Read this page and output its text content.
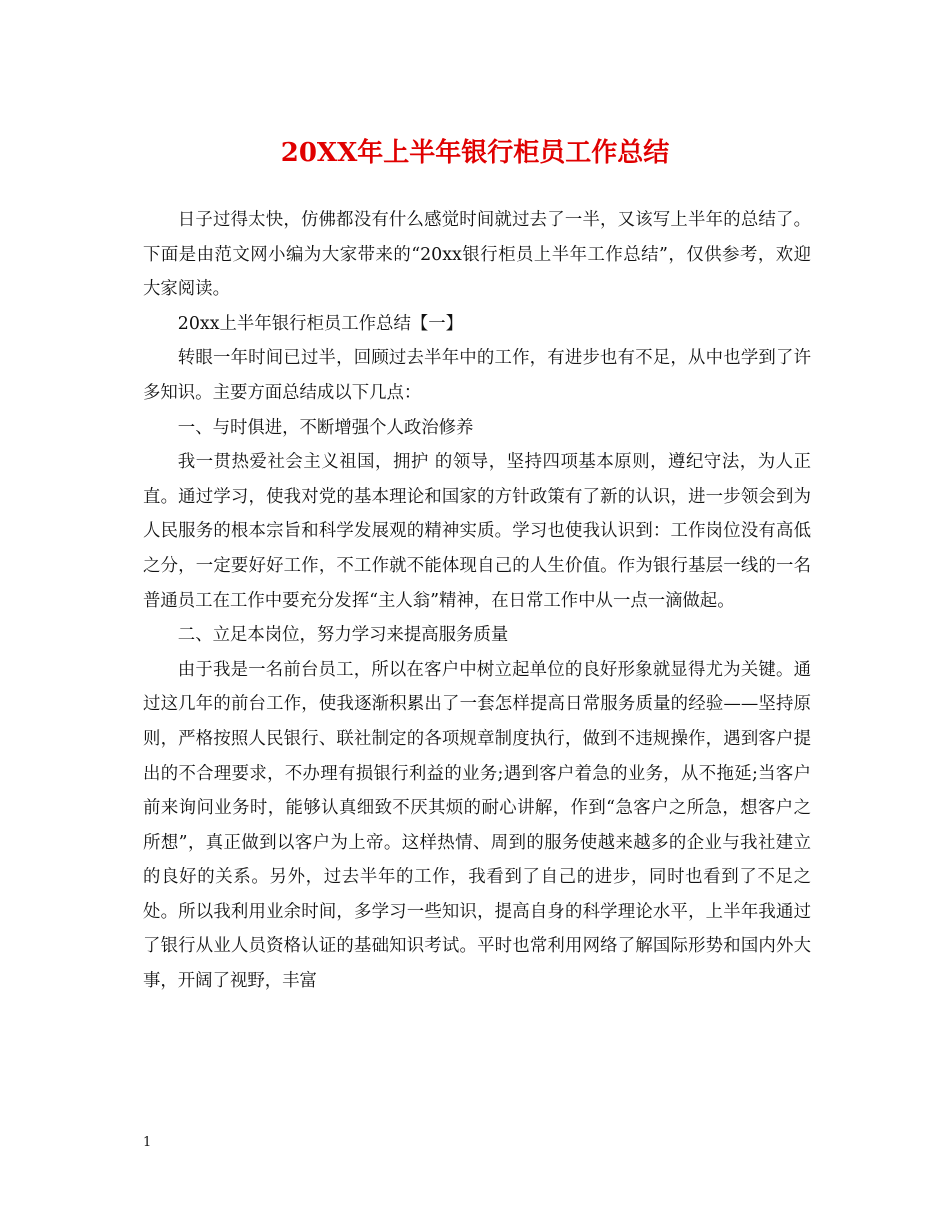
20XX年上半年银行柜员工作总结

日子过得太快，仿佛都没有什么感觉时间就过去了一半，又该写上半年的总结了。下面是由范文网小编为大家带来的“20xx银行柜员上半年工作总结”，仅供参考，欢迎大家阅读。

20xx上半年银行柜员工作总结【一】

转眼一年时间已过半，回顾过去半年中的工作，有进步也有不足，从中也学到了许多知识。主要方面总结成以下几点：

一、与时俱进，不断增强个人政治修养

我一贯热爱社会主义祖国，拥护 的领导，坚持四项基本原则，遵纪守法，为人正直。通过学习，使我对党的基本理论和国家的方针政策有了新的认识，进一步领会到为人民服务的根本宗旨和科学发展观的精神实质。学习也使我认识到：工作岗位没有高低之分，一定要好好工作，不工作就不能体现自己的人生价值。作为银行基层一线的一名普通员工在工作中要充分发挥“主人翁”精神，在日常工作中从一点一滴做起。

二、立足本岗位，努力学习来提高服务质量

由于我是一名前台员工，所以在客户中树立起单位的良好形象就显得尤为关键。通过这几年的前台工作，使我逐渐积累出了一套怎样提高日常服务质量的经验——坚持原则，严格按照人民银行、联社制定的各项规章制度执行，做到不违规操作，遇到客户提出的不合理要求，不办理有损银行利益的业务;遇到客户着急的业务，从不拖延;当客户前来询问业务时，能够认真细致不厌其烦的耐心讲解，作到“急客户之所急，想客户之所想”，真正做到以客户为上帝。这样热情、周到的服务使越来越多的企业与我社建立的良好的关系。另外，过去半年的工作，我看到了自己的进步，同时也看到了不足之处。所以我利用业余时间，多学习一些知识，提高自身的科学理论水平，上半年我通过了银行从业人员资格认证的基础知识考试。平时也常利用网络了解国际形势和国内外大事，开阔了视野，丰富

1
